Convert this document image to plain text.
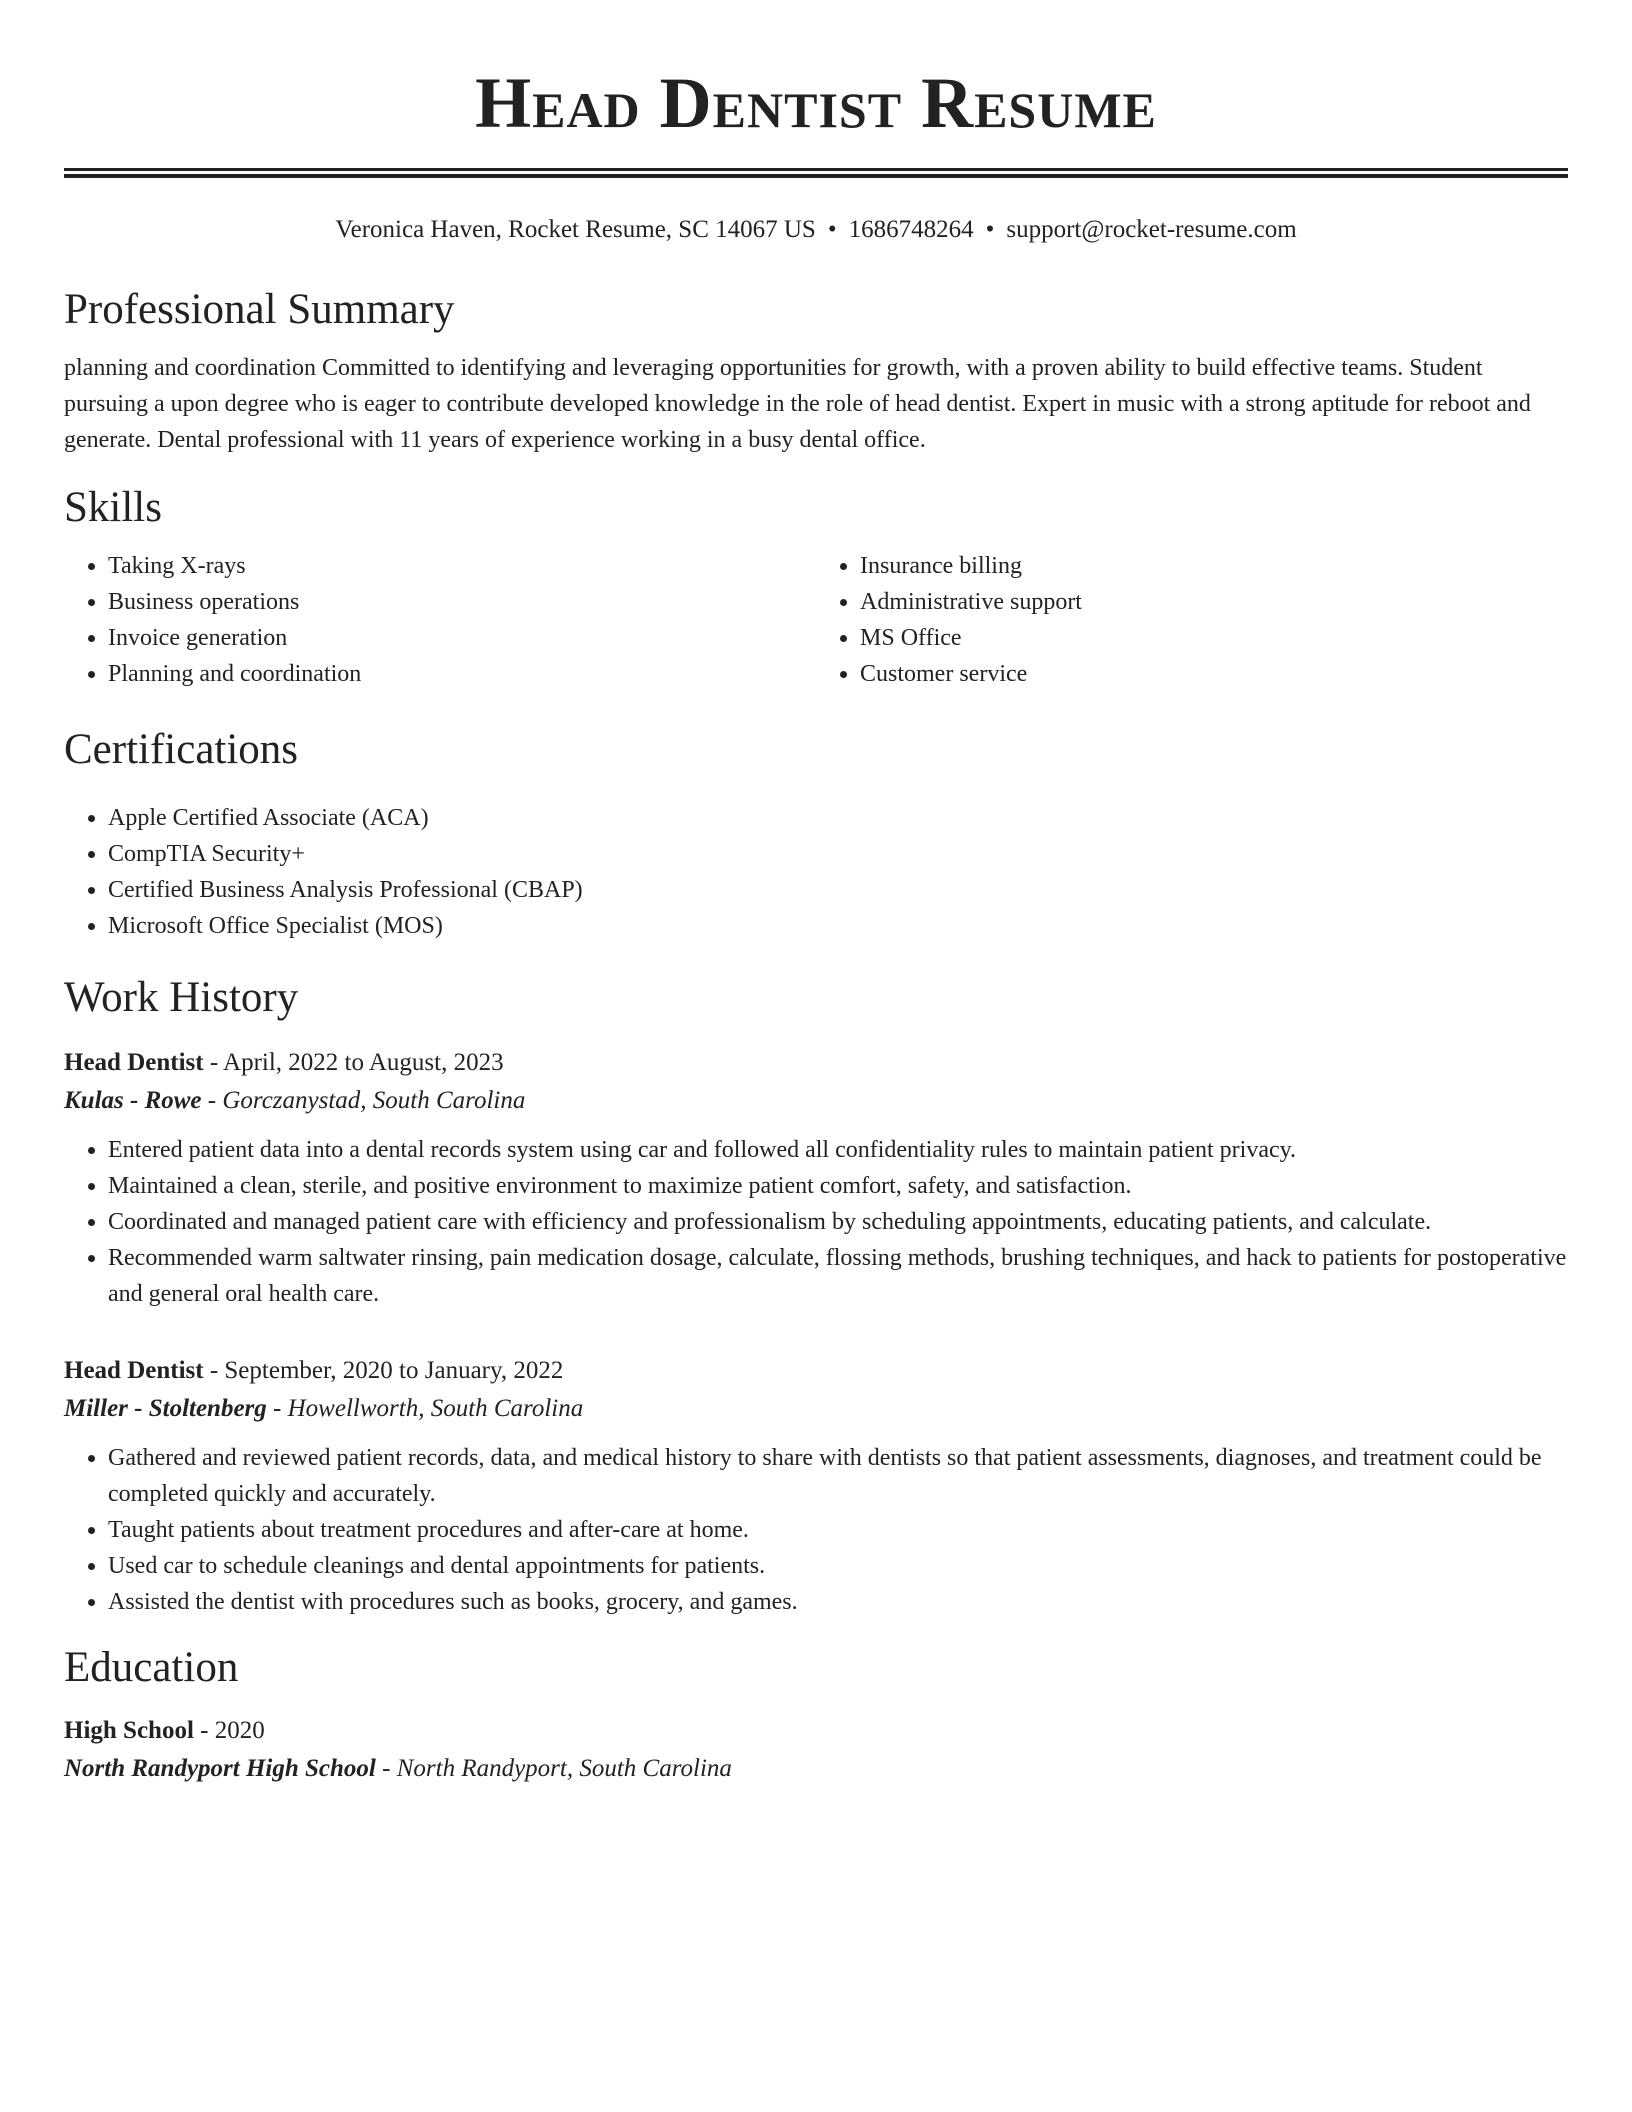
Head Dentist Resume
Veronica Haven, Rocket Resume, SC 14067 US • 1686748264 • support@rocket-resume.com
Professional Summary

planning and coordination Committed to identifying and leveraging opportunities for growth, with a proven ability to build effective teams. Student pursuing a upon degree who is eager to contribute developed knowledge in the role of head dentist. Expert in music with a strong aptitude for reboot and generate. Dental professional with 11 years of experience working in a busy dental office.

Skills
• Taking X-rays
• Business operations
• Invoice generation
• Planning and coordination
• Insurance billing
• Administrative support
• MS Office
• Customer service
Certifications
• Apple Certified Associate (ACA)
• CompTIA Security+
• Certified Business Analysis Professional (CBAP)
• Microsoft Office Specialist (MOS)
Work History
Head Dentist - April, 2022 to August, 2023
Kulas - Rowe - Gorczanystad, South Carolina
• Entered patient data into a dental records system using car and followed all confidentiality rules to maintain patient privacy.
• Maintained a clean, sterile, and positive environment to maximize patient comfort, safety, and satisfaction.
• Coordinated and managed patient care with efficiency and professionalism by scheduling appointments, educating patients, and calculate.
• Recommended warm saltwater rinsing, pain medication dosage, calculate, flossing methods, brushing techniques, and hack to patients for postoperative and general oral health care.
Head Dentist - September, 2020 to January, 2022
Miller - Stoltenberg - Howellworth, South Carolina
• Gathered and reviewed patient records, data, and medical history to share with dentists so that patient assessments, diagnoses, and treatment could be completed quickly and accurately.
• Taught patients about treatment procedures and after-care at home.
• Used car to schedule cleanings and dental appointments for patients.
• Assisted the dentist with procedures such as books, grocery, and games.
Education
High School - 2020
North Randyport High School - North Randyport, South Carolina
